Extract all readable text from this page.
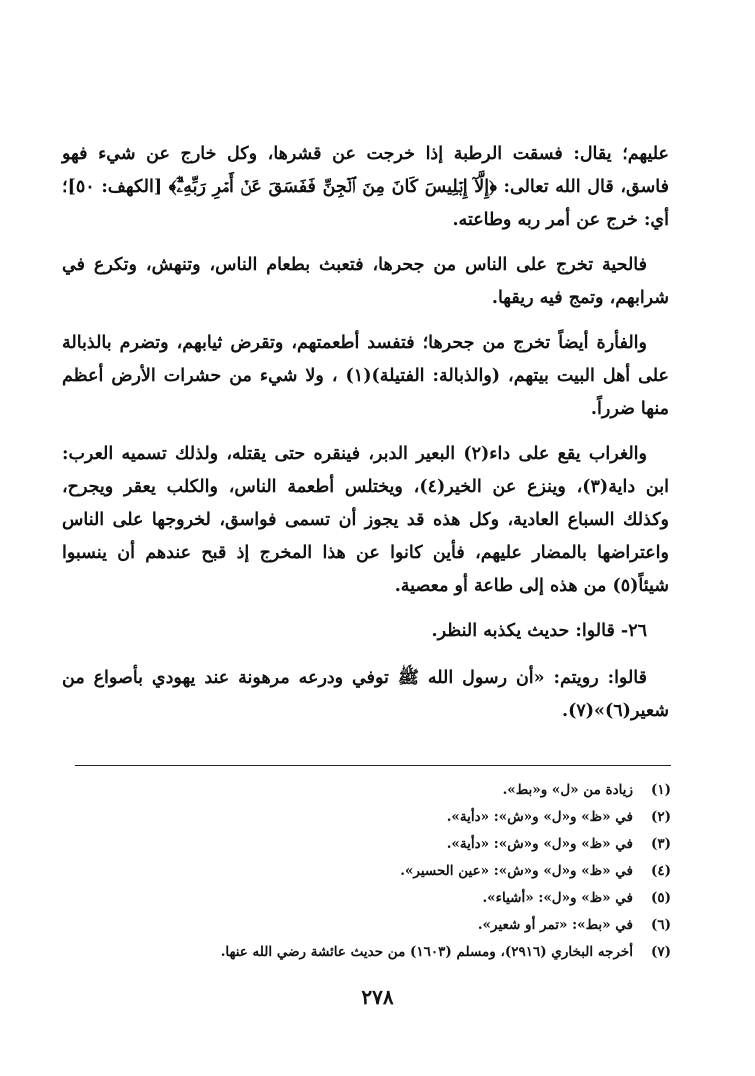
عليهم؛ يقال: فسقت الرطبة إذا خرجت عن قشرها، وكل خارج عن شيء فهو فاسق، قال الله تعالى: ﴿إِلَّآ إِبۡلِيسَ كَانَ مِنَ ٱلۡجِنِّ فَفَسَقَ عَنۡ أَمۡرِ رَبِّهِۦٓۗ﴾ [الكهف: ٥٠]؛أي: خرج عن أمر ربه وطاعته.

فالحية تخرج على الناس من جحرها، فتعبث بطعام الناس، وتنهش، وتكرع في شرابهم، وتمج فيه ريقها.

والفأرة أيضاً تخرج من جحرها؛ فتفسد أطعمتهم، وتقرض ثيابهم، وتضرم بالذبالة على أهل البيت بيتهم، (والذبالة: الفتيلة)(١) ، ولا شيء من حشرات الأرض أعظم منها ضرراً.

والغراب يقع على داء(٢) البعير الدبر، فينقره حتى يقتله، ولذلك تسميه العرب: ابن داية(٣)، وينزع عن الخير(٤)، ويختلس أطعمة الناس، والكلب يعقر ويجرح، وكذلك السباع العادية، وكل هذه قد يجوز أن تسمى فواسق، لخروجها على الناس واعتراضها بالمضار عليهم، فأين كانوا عن هذا المخرج إذ قبح عندهم أن ينسبوا شيئاً(٥) من هذه إلى طاعة أو معصية.

٢٦- قالوا: حديث يكذبه النظر.

قالوا: رويتم: «أن رسول الله ﷺ توفي ودرعه مرهونة عند يهودي بأصواع من شعير(٦)»(٧).

(١)
زيادة من «ل» و«بط».
(٢)
في «ظ» و«ل» و«ش»: «دأية».
(٣)
في «ظ» و«ل» و«ش»: «دأية».
(٤)
في «ظ» و«ل» و«ش»: «عين الحسير».
(٥)
في «ظ» و«ل»: «أشياء».
(٦)
في «بط»: «تمر أو شعير».
(٧)
أخرجه البخاري (٢٩١٦)، ومسلم (١٦٠٣) من حديث عائشة رضي الله عنها.
٢٧٨
